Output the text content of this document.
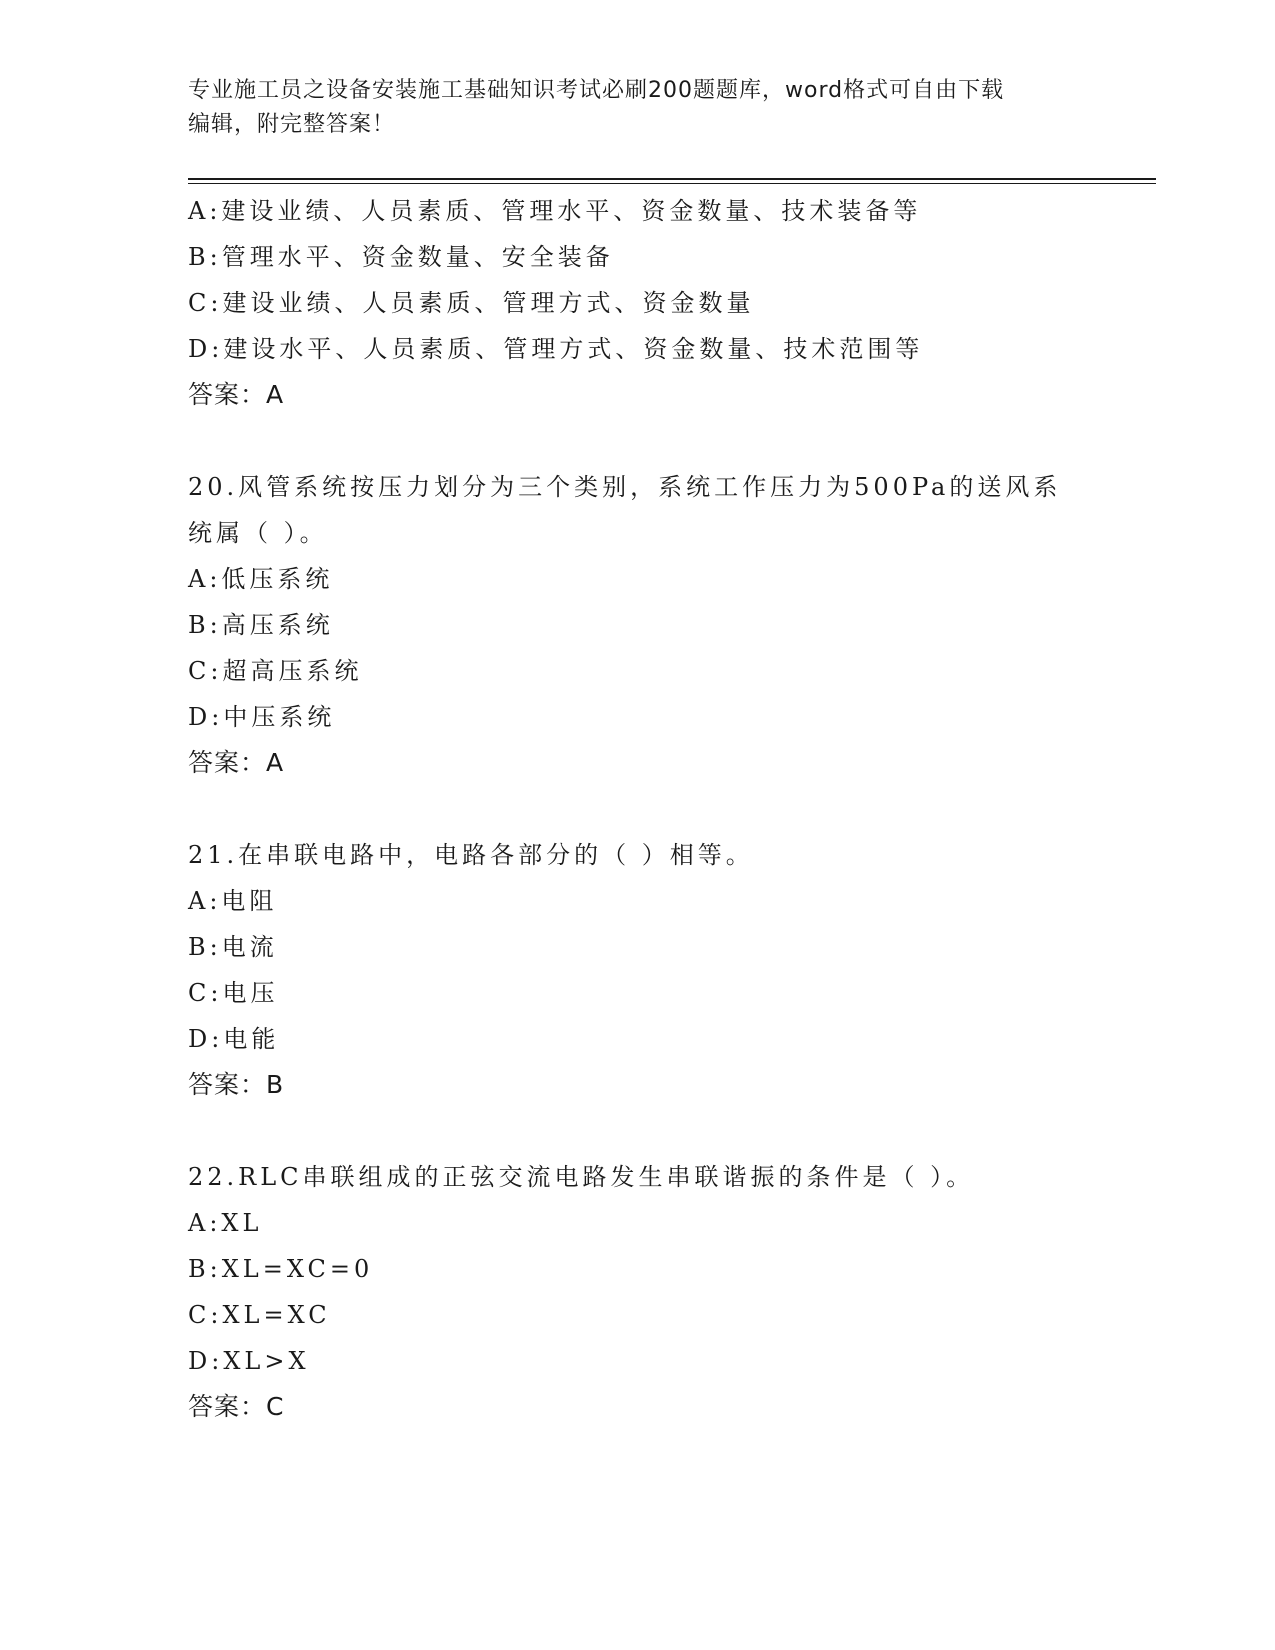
专业施工员之设备安装施工基础知识考试必刷200题题库，word格式可自由下载
编辑，附完整答案！
A:建设业绩、人员素质、管理水平、资金数量、技术装备等
B:管理水平、资金数量、安全装备
C:建设业绩、人员素质、管理方式、资金数量
D:建设水平、人员素质、管理方式、资金数量、技术范围等
答案：A
20.风管系统按压力划分为三个类别，系统工作压力为500Pa的送风系
统属（ ）。
A:低压系统
B:高压系统
C:超高压系统
D:中压系统
答案：A
21.在串联电路中，电路各部分的（ ）相等。
A:电阻
B:电流
C:电压
D:电能
答案：B
22.RLC串联组成的正弦交流电路发生串联谐振的条件是（ ）。
A:XL
B:XL=XC=0
C:XL=XC
D:XL>X
答案：C
